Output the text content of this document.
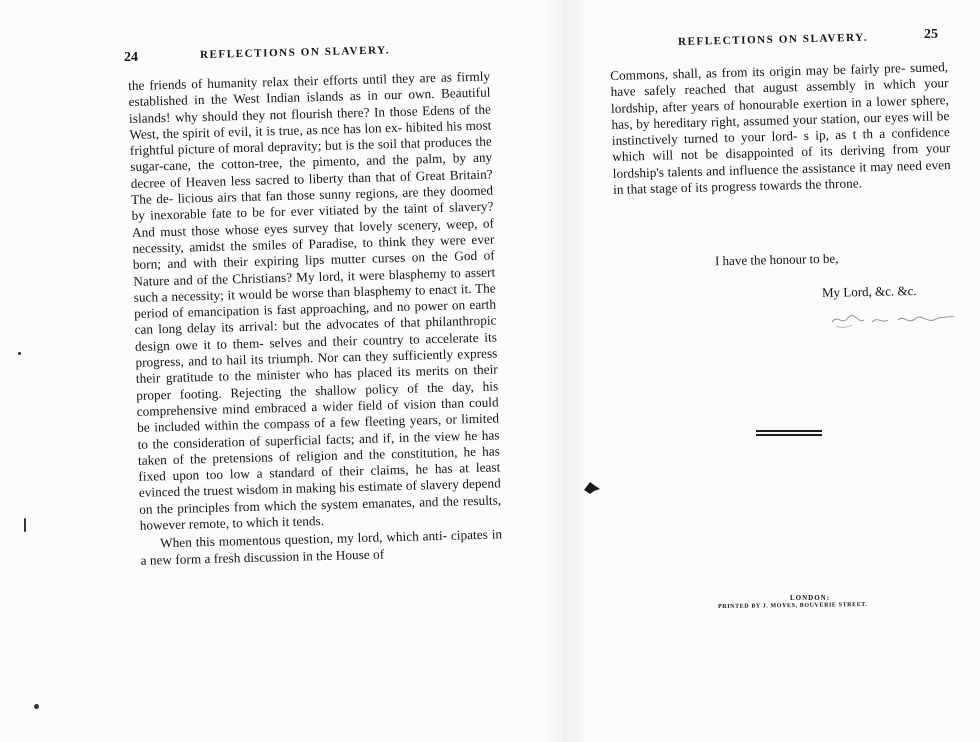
24	REFLECTIONS ON SLAVERY.

the friends of humanity relax their efforts until they are as firmly established in the West Indian islands as in our own. Beautiful islands! why should they not flourish there? In those Edens of the West, the spirit of evil, it is true, as nce has lon ex- hibited his most frightful picture of moral depravity; but is the soil that produces the sugar-cane, the cotton-tree, the pimento, and the palm, by any decree of Heaven less sacred to liberty than that of Great Britain? The de- licious airs that fan those sunny regions, are they doomed by inexorable fate to be for ever vitiated by the taint of slavery? And must those whose eyes survey that lovely scenery, weep, of necessity, amidst the smiles of Paradise, to think they were ever born; and with their expiring lips mutter curses on the God of Nature and of the Christians? My lord, it were blasphemy to assert such a necessity; it would be worse than blasphemy to enact it. The period of emancipation is fast approaching, and no power on earth can long delay its arrival: but the advocates of that philanthropic design owe it to them- selves and their country to accelerate its progress, and to hail its triumph. Nor can they sufficiently express their gratitude to the minister who has placed its merits on their proper footing. Rejecting the shallow policy of the day, his comprehensive mind embraced a wider field of vision than could be included within the compass of a few fleeting years, or limited to the consideration of superficial facts; and if, in the view he has taken of the pretensions of religion and the constitution, he has fixed upon too low a standard of their claims, he has at least evinced the truest wisdom in making his estimate of slavery depend on the principles from which the system emanates, and the results, however remote, to which it tends.

When this momentous question, my lord, which anti- cipates in a new form a fresh discussion in the House of

REFLECTIONS ON SLAVERY.	25

Commons, shall, as from its origin may be fairly pre- sumed, have safely reached that august assembly in which your lordship, after years of honourable exertion in a lower sphere, has, by hereditary right, assumed your station, our eyes will be instinctively turned to your lord- s ip, as t th a confidence which will not be disappointed of its deriving from your lordship's talents and influence the assistance it may need even in that stage of its progress towards the throne.

I have the honour to be,
My Lord, &c. &c.
LONDON:
PRINTED BY J. MOYES, BOUVERIE STREET.
